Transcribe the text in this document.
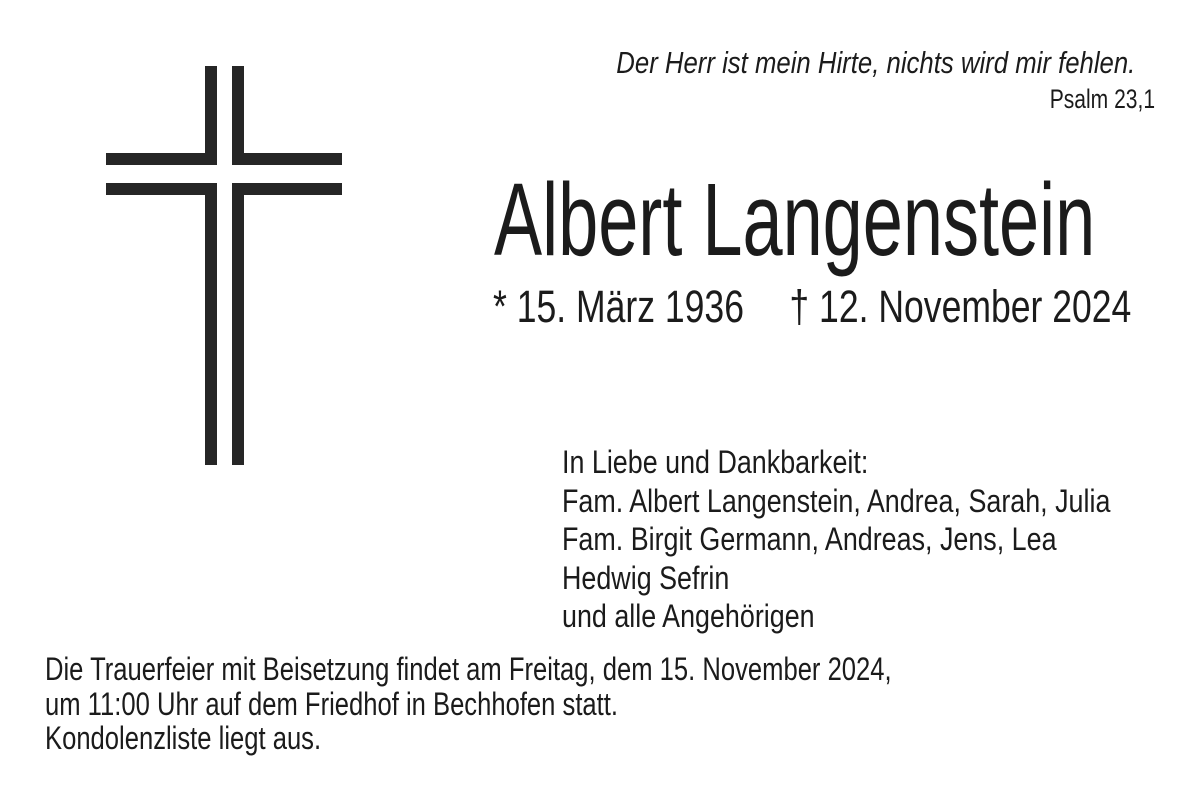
Der Herr ist mein Hirte, nichts wird mir fehlen.
Psalm 23,1
Albert Langenstein
* 15. März 1936 † 12. November 2024
In Liebe und Dankbarkeit:
Fam. Albert Langenstein, Andrea, Sarah, Julia
Fam. Birgit Germann, Andreas, Jens, Lea
Hedwig Sefrin
und alle Angehörigen
Die Trauerfeier mit Beisetzung findet am Freitag, dem 15. November 2024,
um 11:00 Uhr auf dem Friedhof in Bechhofen statt.
Kondolenzliste liegt aus.
